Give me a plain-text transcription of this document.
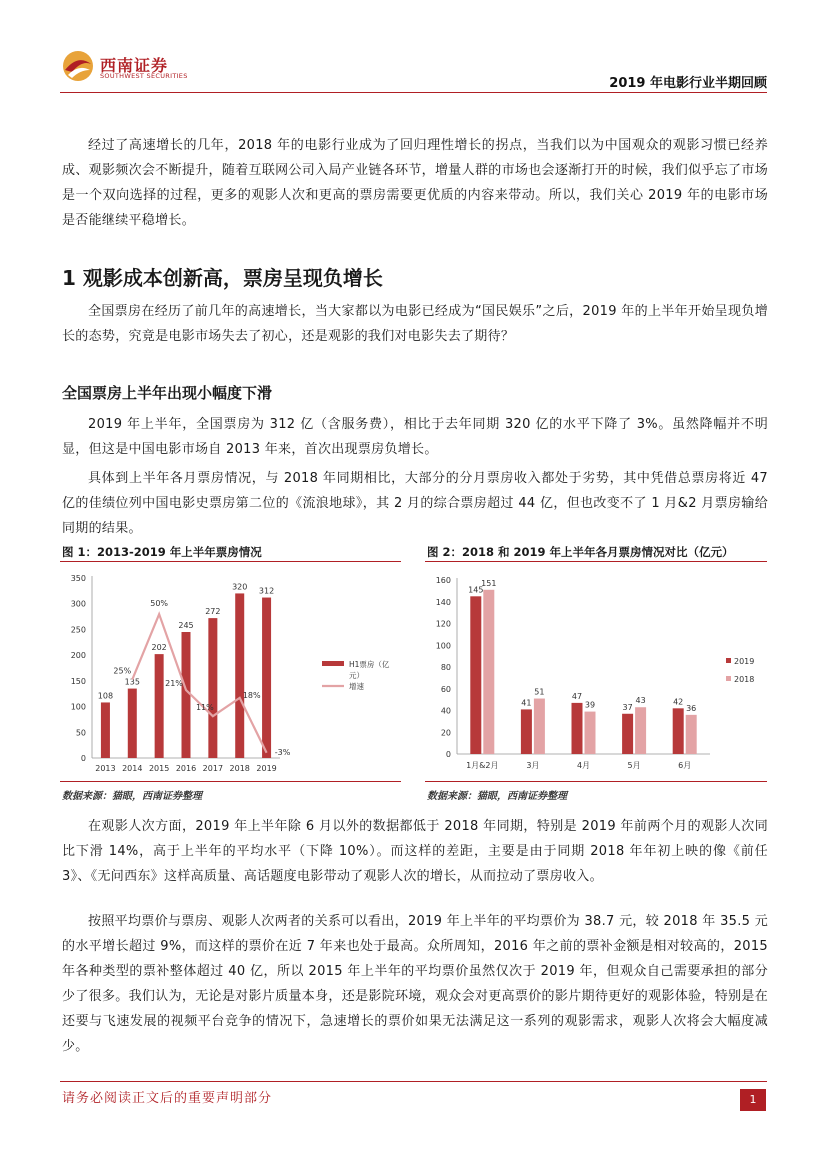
西南证券
SOUTHWEST SECURITIES	2019 年电影行业半期回顾

经过了高速增长的几年，2018 年的电影行业成为了回归理性增长的拐点，当我们以为中国观众的观影习惯已经养成、观影频次会不断提升，随着互联网公司入局产业链各环节，增量人群的市场也会逐渐打开的时候，我们似乎忘了市场是一个双向选择的过程，更多的观影人次和更高的票房需要更优质的内容来带动。所以，我们关心 2019 年的电影市场是否能继续平稳增长。

1 观影成本创新高，票房呈现负增长

全国票房在经历了前几年的高速增长，当大家都以为电影已经成为“国民娱乐”之后，2019 年的上半年开始呈现负增长的态势，究竟是电影市场失去了初心，还是观影的我们对电影失去了期待？

全国票房上半年出现小幅度下滑

2019 年上半年，全国票房为 312 亿（含服务费），相比于去年同期 320 亿的水平下降了 3%。虽然降幅并不明显，但这是中国电影市场自 2013 年来，首次出现票房负增长。

具体到上半年各月票房情况，与 2018 年同期相比，大部分的分月票房收入都处于劣势，其中凭借总票房将近 47 亿的佳绩位列中国电影史票房第二位的《流浪地球》，其 2 月的综合票房超过 44 亿，但也改变不了 1 月&2 月票房输给同期的结果。

图 1：2013-2019 年上半年票房情况
0
50
100
150
200
250
300
350
108
2013
135
2014
202
2015
245
2016
272
2017
320
2018
312
2019
25%
50%
21%
11%
18%
-3%
H1票房（亿
元）
增速
数据来源：猫眼，西南证券整理
图 2：2018 和 2019 年上半年各月票房情况对比（亿元）
0
20
40
60
80
100
120
140
160
145
151
1月&2月
41
51
3月
47
39
4月
37
43
5月
42
36
6月
2019
2018
数据来源：猫眼，西南证券整理

在观影人次方面，2019 年上半年除 6 月以外的数据都低于 2018 年同期，特别是 2019 年前两个月的观影人次同比下滑 14%，高于上半年的平均水平（下降 10%）。而这样的差距，主要是由于同期 2018 年年初上映的像《前任 3》、《无问西东》这样高质量、高话题度电影带动了观影人次的增长，从而拉动了票房收入。

按照平均票价与票房、观影人次两者的关系可以看出，2019 年上半年的平均票价为 38.7 元，较 2018 年 35.5 元的水平增长超过 9%，而这样的票价在近 7 年来也处于最高。众所周知，2016 年之前的票补金额是相对较高的，2015 年各种类型的票补整体超过 40 亿，所以 2015 年上半年的平均票价虽然仅次于 2019 年，但观众自己需要承担的部分少了很多。我们认为，无论是对影片质量本身，还是影院环境，观众会对更高票价的影片期待更好的观影体验，特别是在还要与飞速发展的视频平台竞争的情况下，急速增长的票价如果无法满足这一系列的观影需求，观影人次将会大幅度减少。

请务必阅读正文后的重要声明部分	1
